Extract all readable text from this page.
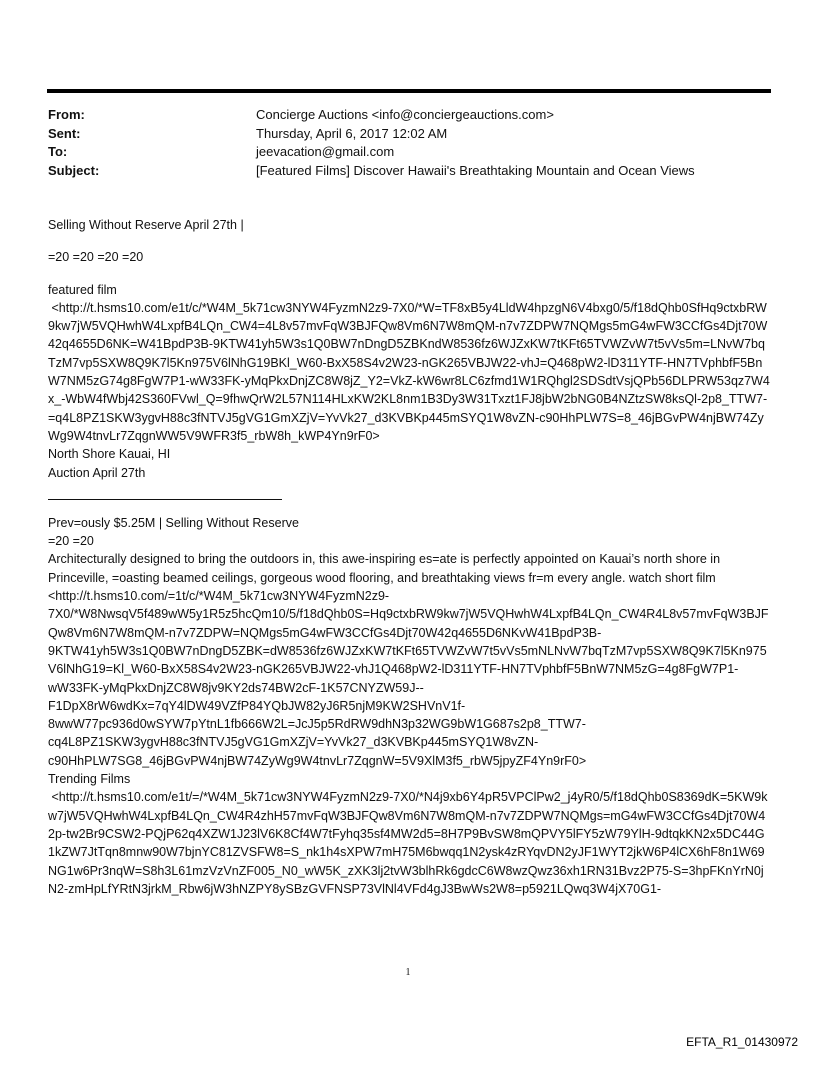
From:	Concierge Auctions <info@conciergeauctions.com>
Sent:	Thursday, April 6, 2017 12:02 AM
To:	jeevacation@gmail.com
Subject:	[Featured Films] Discover Hawaii's Breathtaking Mountain and Ocean Views

Selling Without Reserve April 27th |

=20 =20 =20 =20

featured film

<http://t.hsms10.com/e1t/c/*W4M_5k71cw3NYW4FyzmN2z9-7X0/*W=TF8xB5y4LldW4hpzgN6V4bxg0/5/f18dQhb0SfHq9ctxbRW9kw7jW5VQHwhW4LxpfB4LQn_CW4=4L8v57mvFqW3BJFQw8Vm6N7W8mQM-n7v7ZDPW7NQMgs5mG4wFW3CCfGs4Djt70W42q4655D6NK=W41BpdP3B-9KTW41yh5W3s1Q0BW7nDngD5ZBKndW8536fz6WJZxKW7tKFt65TVWZvW7t5vVs5m=LNvW7bqTzM7vp5SXW8Q9K7l5Kn975V6lNhG19BKl_W60-BxX58S4v2W23-nGK265VBJW22-vhJ=Q468pW2-lD311YTF-HN7TVphbfF5BnW7NM5zG74g8FgW7P1-wW33FK-yMqPkxDnjZC8W8jZ_Y2=VkZ-kW6wr8LC6zfmd1W1RQhgl2SDSdtVsjQPb56DLPRW53qz7W4x_-WbW4fWbj42S360FVwl_Q=9fhwQrW2L57N114HLxKW2KL8nm1B3Dy3W31Txzt1FJ8jbW2bNG0B4NZtzSW8ksQl-2p8_TTW7-=q4L8PZ1SKW3ygvH88c3fNTVJ5gVG1GmXZjV=YvVk27_d3KVBKp445mSYQ1W8vZN-c90HhPLW7S=8_46jBGvPW4njBW74ZyWg9W4tnvLr7ZqgnWW5V9WFR3f5_rbW8h_kWP4Yn9rF0>

North Shore Kauai, HI

Auction April 27th

Prev=ously $5.25M | Selling Without Reserve

=20 =20

Architecturally designed to bring the outdoors in, this awe-inspiring es=ate is perfectly appointed on Kauai’s north shore in Princeville, =oasting beamed ceilings, gorgeous wood flooring, and breathtaking views fr=m every angle. watch short film <http://t.hsms10.com/=1t/c/*W4M_5k71cw3NYW4FyzmN2z9-7X0/*W8NwsqV5f489wW5y1R5z5hcQm10/5/f18dQhb0S=Hq9ctxbRW9kw7jW5VQHwhW4LxpfB4LQn_CW4R4L8v57mvFqW3BJFQw8Vm6N7W8mQM-n7v7ZDPW=NQMgs5mG4wFW3CCfGs4Djt70W42q4655D6NKvW41BpdP3B-9KTW41yh5W3s1Q0BW7nDngD5ZBK=dW8536fz6WJZxKW7tKFt65TVWZvW7t5vVs5mNLNvW7bqTzM7vp5SXW8Q9K7l5Kn975V6lNhG19=Kl_W60-BxX58S4v2W23-nGK265VBJW22-vhJ1Q468pW2-lD311YTF-HN7TVphbfF5BnW7NM5zG=4g8FgW7P1-wW33FK-yMqPkxDnjZC8W8jv9KY2ds74BW2cF-1K57CNYZW59J--F1DpX8rW6wdKx=7qY4lDW49VZfP84YQbJW82yJ6R5njM9KW2SHVnV1f-8wwW77pc936d0wSYW7pYtnL1fb666W2L=JcJ5p5RdRW9dhN3p32WG9bW1G687s2p8_TTW7-cq4L8PZ1SKW3ygvH88c3fNTVJ5gVG1GmXZjV=YvVk27_d3KVBKp445mSYQ1W8vZN-c90HhPLW7SG8_46jBGvPW4njBW74ZyWg9W4tnvLr7ZqgnW=5V9XlM3f5_rbW5jpyZF4Yn9rF0>

Trending Films

<http://t.hsms10.com/e1t/=/*W4M_5k71cw3NYW4FyzmN2z9-7X0/*N4j9xb6Y4pR5VPClPw2_j4yR0/5/f18dQhb0S8369dK=5KW9kw7jW5VQHwhW4LxpfB4LQn_CW4R4zhH57mvFqW3BJFQw8Vm6N7W8mQM-n7v7ZDPW7NQMgs=mG4wFW3CCfGs4Djt70W42p-tw2Br9CSW2-PQjP62q4XZW1J23lV6K8Cf4W7tFyhq35sf4MW2d5=8H7P9BvSW8mQPVY5lFY5zW79YlH-9dtqkKN2x5DC44G1kZW7JtTqn8mnw90W7bjnYC81ZVSFW8=S_nk1h4sXPW7mH75M6bwqq1N2ysk4zRYqvDN2yJF1WYT2jkW6P4lCX6hF8n1W69NG1w6Pr3nqW=S8h3L61mzVzVnZF005_N0_wW5K_zXK3lj2tvW3blhRk6gdcC6W8wzQwz36xh1RN31Bvz2P75-S=3hpFKnYrN0jN2-zmHpLfYRtN3jrkM_Rbw6jW3hNZPY8ySBzGVFNSP73VlNl4VFd4gJ3BwWs2W8=p5921LQwq3W4jX70G1-

1
EFTA_R1_01430972
